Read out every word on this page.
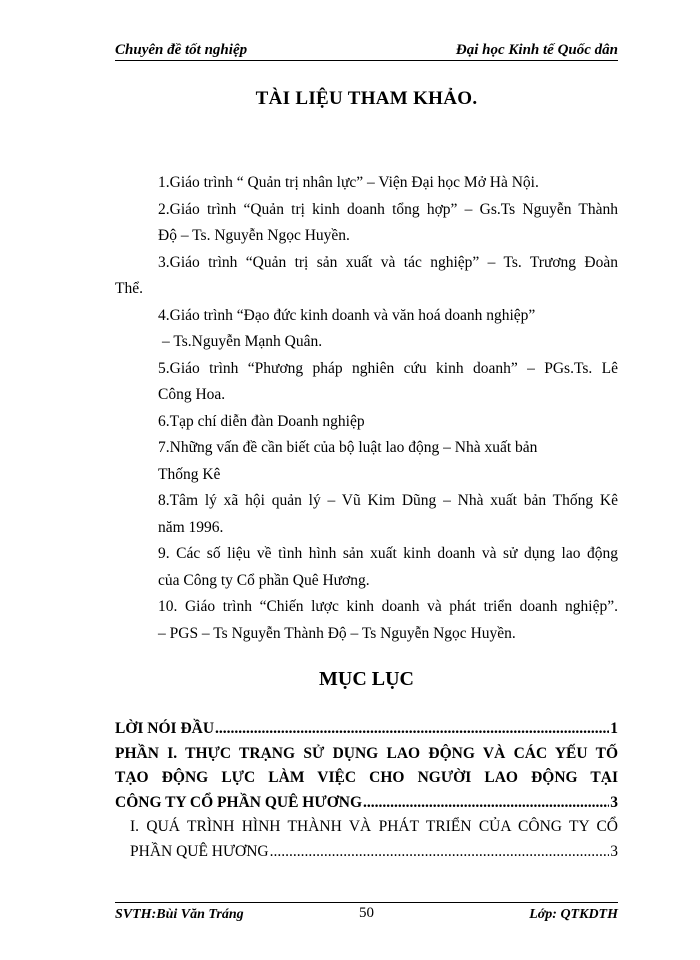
Chuyên đề tốt nghiệp	Đại học Kinh tế Quốc dân
TÀI LIỆU THAM KHẢO.
1.Giáo trình “ Quản trị nhân lực” – Viện Đại học Mở Hà Nội.
2.Giáo trình “Quản trị kinh doanh tổng hợp” – Gs.Ts Nguyễn Thành
Độ – Ts. Nguyễn Ngọc Huyền.
3.Giáo trình “Quản trị sản xuất và tác nghiệp” – Ts. Trương Đoàn
Thể.
4.Giáo trình “Đạo đức kinh doanh và văn hoá doanh nghiệp”
– Ts.Nguyễn Mạnh Quân.
5.Giáo trình “Phương pháp nghiên cứu kinh doanh” – PGs.Ts. Lê
Công Hoa.
6.Tạp chí diễn đàn Doanh nghiệp
7.Những vấn đề cần biết của bộ luật lao động – Nhà xuất bản
Thống Kê
8.Tâm lý xã hội quản lý – Vũ Kim Dũng – Nhà xuất bản Thống Kê
năm 1996.
9. Các số liệu về tình hình sản xuất kinh doanh và sử dụng lao động
của Công ty Cổ phần Quê Hương.
10. Giáo trình “Chiến lược kinh doanh và phát triển doanh nghiệp”.
– PGS – Ts Nguyễn Thành Độ – Ts Nguyễn Ngọc Huyền.
MỤC LỤC
LỜI NÓI ĐẦU .....	1
PHẦN I. THỰC TRẠNG SỬ DỤNG LAO ĐỘNG VÀ CÁC YẾU TỐ
TẠO ĐỘNG LỰC LÀM VIỆC CHO NGƯỜI LAO ĐỘNG TẠI
CÔNG TY CỔ PHẦN QUÊ HƯƠNG .....	3
I. QUÁ TRÌNH HÌNH THÀNH VÀ PHÁT TRIỂN CỦA CÔNG TY CỔ
PHẦN QUÊ HƯƠNG .....	3
SVTH:Bùi Văn Tráng	50	Lớp: QTKDTH
